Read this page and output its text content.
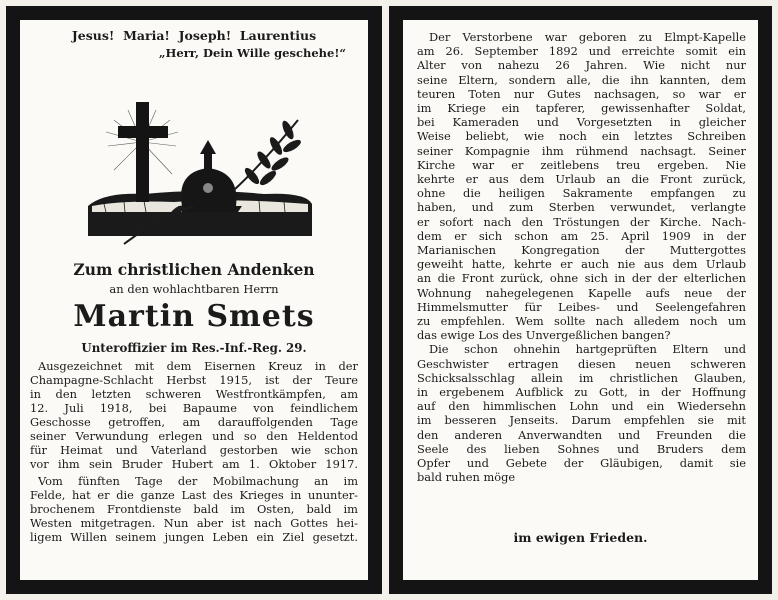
Jesus!  Maria!  Joseph!  Laurentius
„Herr, Dein Wille geschehe!“
Zum christlichen Andenken
an den wohlachtbaren Herrn
Martin Smets
Unteroffizier im Res.-Inf.-Reg. 29.
Ausgezeichnet mit dem Eisernen Kreuz in der
Champagne-Schlacht Herbst 1915, ist der Teure
in den letzten schweren Westfrontkämpfen, am
12. Juli 1918, bei Bapaume von feindlichem
Geschosse getroffen, am darauffolgenden Tage
seiner Verwundung erlegen und so den Heldentod
für Heimat und Vaterland gestorben wie schon
vor ihm sein Bruder Hubert am 1. Oktober 1917.
Vom fünften Tage der Mobilmachung an im
Felde, hat er die ganze Last des Krieges in ununter-
brochenem Frontdienste bald im Osten, bald im
Westen mitgetragen. Nun aber ist nach Gottes hei-
ligem Willen seinem jungen Leben ein Ziel gesetzt.
Der Verstorbene war geboren zu Elmpt-Kapelle
am 26. September 1892 und erreichte somit ein
Alter von nahezu 26 Jahren. Wie nicht nur
seine Eltern, sondern alle, die ihn kannten, dem
teuren Toten nur Gutes nachsagen, so war er
im Kriege ein tapferer, gewissenhafter Soldat,
bei Kameraden und Vorgesetzten in gleicher
Weise beliebt, wie noch ein letztes Schreiben
seiner Kompagnie ihm rühmend nachsagt. Seiner
Kirche war er zeitlebens treu ergeben. Nie
kehrte er aus dem Urlaub an die Front zurück,
ohne die heiligen Sakramente empfangen zu
haben, und zum Sterben verwundet, verlangte
er sofort nach den Tröstungen der Kirche. Nach-
dem er sich schon am 25. April 1909 in der
Marianischen Kongregation der Muttergottes
geweiht hatte, kehrte er auch nie aus dem Urlaub
an die Front zurück, ohne sich in der der elterlichen
Wohnung nahegelegenen Kapelle aufs neue der
Himmelsmutter für Leibes- und Seelengefahren
zu empfehlen. Wem sollte nach alledem noch um
das ewige Los des Unvergeßlichen bangen?
Die schon ohnehin hartgeprüften Eltern und
Geschwister ertragen diesen neuen schweren
Schicksalsschlag allein im christlichen Glauben,
in ergebenem Aufblick zu Gott, in der Hoffnung
auf den himmlischen Lohn und ein Wiedersehn
im besseren Jenseits. Darum empfehlen sie mit
den anderen Anverwandten und Freunden die
Seele des lieben Sohnes und Bruders dem
Opfer und Gebete der Gläubigen, damit sie
bald ruhen möge
im ewigen Frieden.
